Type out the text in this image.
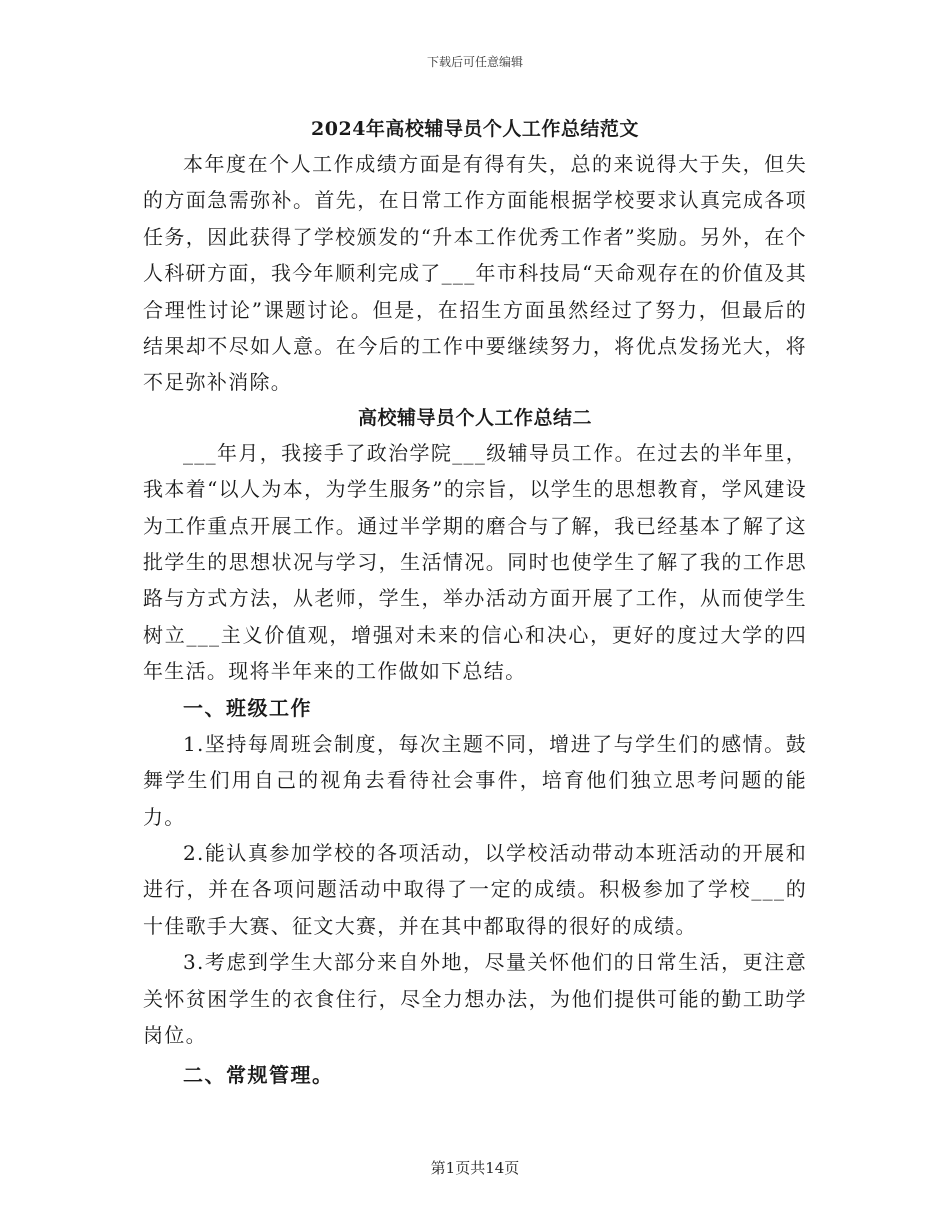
下载后可任意编辑
2024年高校辅导员个人工作总结范文

本年度在个人工作成绩方面是有得有失，总的来说得大于失，但失的方面急需弥补。首先，在日常工作方面能根据学校要求认真完成各项任务，因此获得了学校颁发的“升本工作优秀工作者”奖励。另外，在个人科研方面，我今年顺利完成了___年市科技局“天命观存在的价值及其合理性讨论”课题讨论。但是，在招生方面虽然经过了努力，但最后的结果却不尽如人意。在今后的工作中要继续努力，将优点发扬光大，将不足弥补消除。

高校辅导员个人工作总结二

___年月，我接手了政治学院___级辅导员工作。在过去的半年里，我本着“以人为本，为学生服务”的宗旨，以学生的思想教育，学风建设为工作重点开展工作。通过半学期的磨合与了解，我已经基本了解了这批学生的思想状况与学习，生活情况。同时也使学生了解了我的工作思路与方式方法，从老师，学生，举办活动方面开展了工作，从而使学生树立___主义价值观，增强对未来的信心和决心，更好的度过大学的四年生活。现将半年来的工作做如下总结。

一、班级工作

1.坚持每周班会制度，每次主题不同，增进了与学生们的感情。鼓舞学生们用自己的视角去看待社会事件，培育他们独立思考问题的能力。

2.能认真参加学校的各项活动，以学校活动带动本班活动的开展和进行，并在各项问题活动中取得了一定的成绩。积极参加了学校___的十佳歌手大赛、征文大赛，并在其中都取得的很好的成绩。

3.考虑到学生大部分来自外地，尽量关怀他们的日常生活，更注意关怀贫困学生的衣食住行，尽全力想办法，为他们提供可能的勤工助学岗位。

二、常规管理。
第1页共14页
